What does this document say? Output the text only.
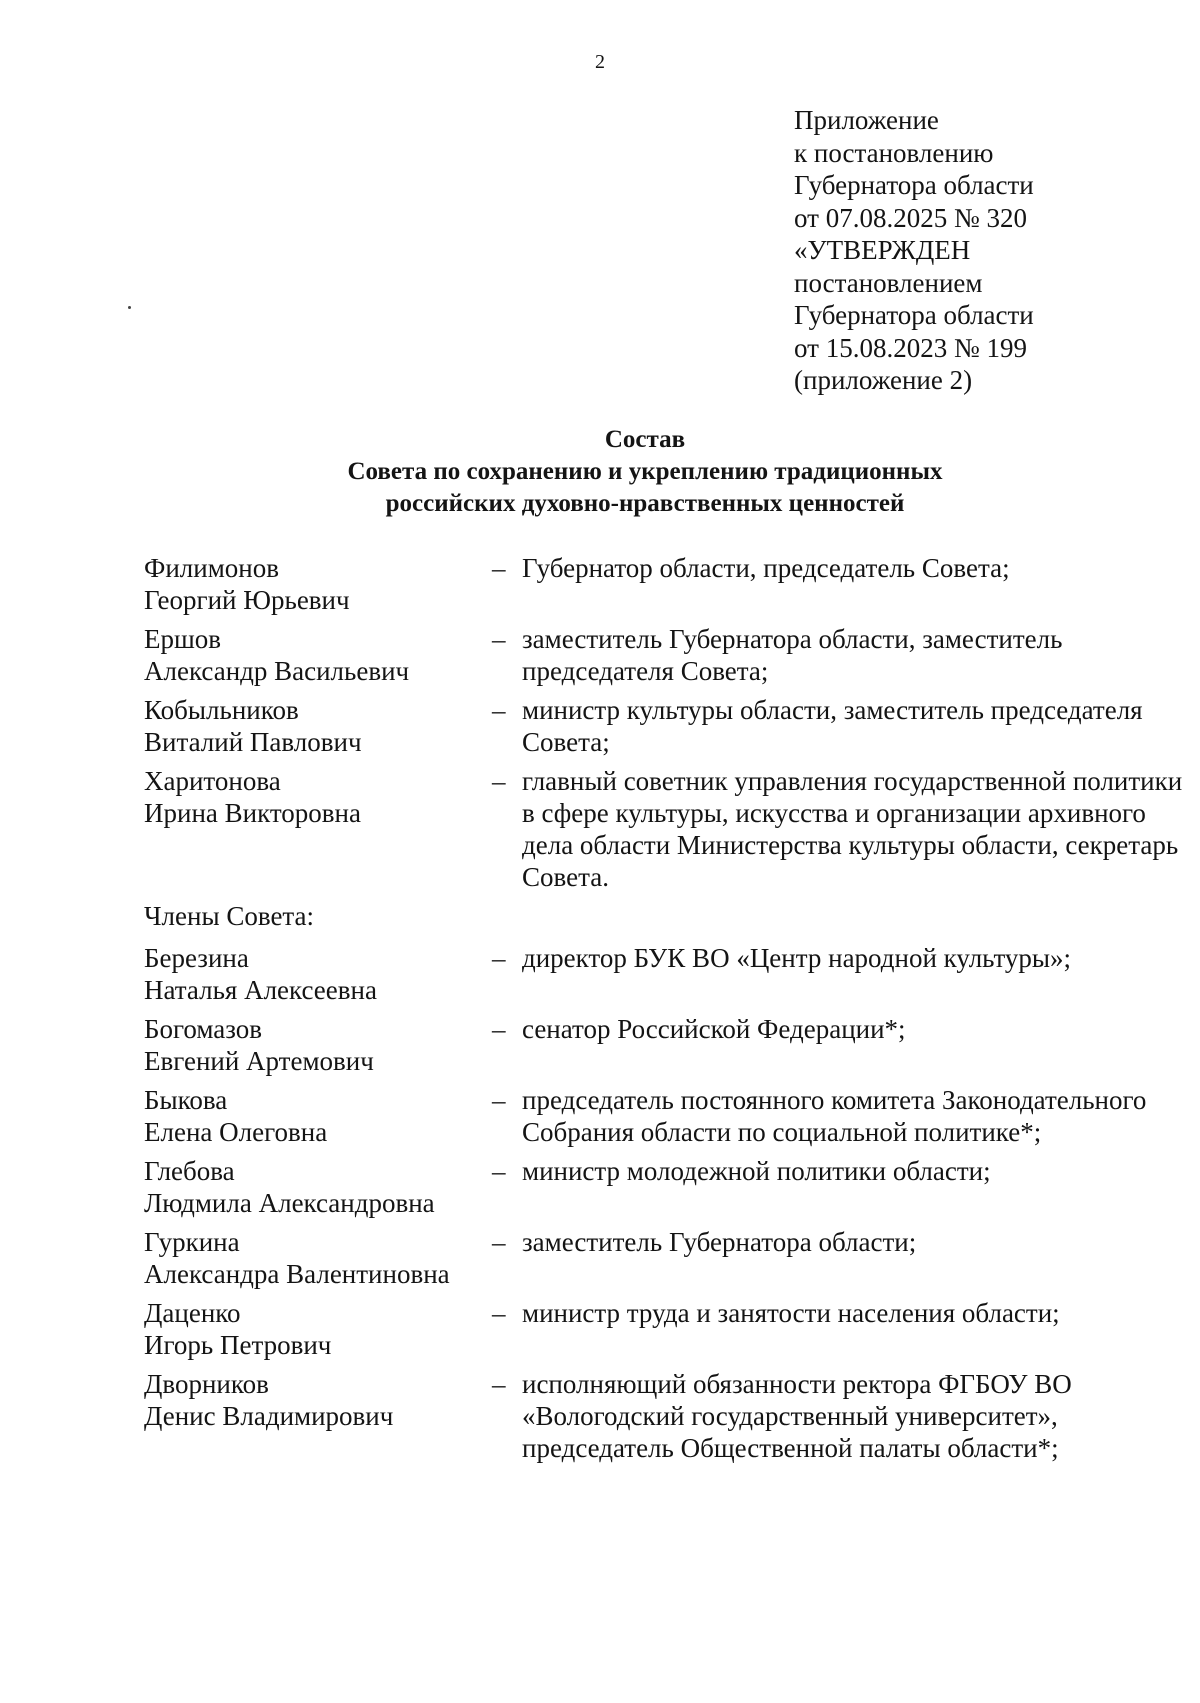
2
Приложение
к постановлению
Губернатора области
от 07.08.2025 № 320
«УТВЕРЖДЕН
постановлением
Губернатора области
от 15.08.2023 № 199
(приложение 2)
Состав
Совета по сохранению и укреплению традиционных
российских духовно-нравственных ценностей
Филимонов
Георгий Юрьевич
– Губернатор области, председатель Совета;
Ершов
Александр Васильевич
– заместитель Губернатора области, заместитель председателя Совета;
Кобыльников
Виталий Павлович
– министр культуры области, заместитель председателя Совета;
Харитонова
Ирина Викторовна
– главный советник управления государственной политики в сфере культуры, искусства и организации архивного дела области Министерства культуры области, секретарь Совета.
Члены Совета:
Березина
Наталья Алексеевна
– директор БУК ВО «Центр народной культуры»;
Богомазов
Евгений Артемович
– сенатор Российской Федерации*;
Быкова
Елена Олеговна
– председатель постоянного комитета Законодательного Собрания области по социальной политике*;
Глебова
Людмила Александровна
– министр молодежной политики области;
Гуркина
Александра Валентиновна
– заместитель Губернатора области;
Даценко
Игорь Петрович
– министр труда и занятости населения области;
Дворников
Денис Владимирович
– исполняющий обязанности ректора ФГБОУ ВО «Вологодский государственный университет», председатель Общественной палаты области*;
